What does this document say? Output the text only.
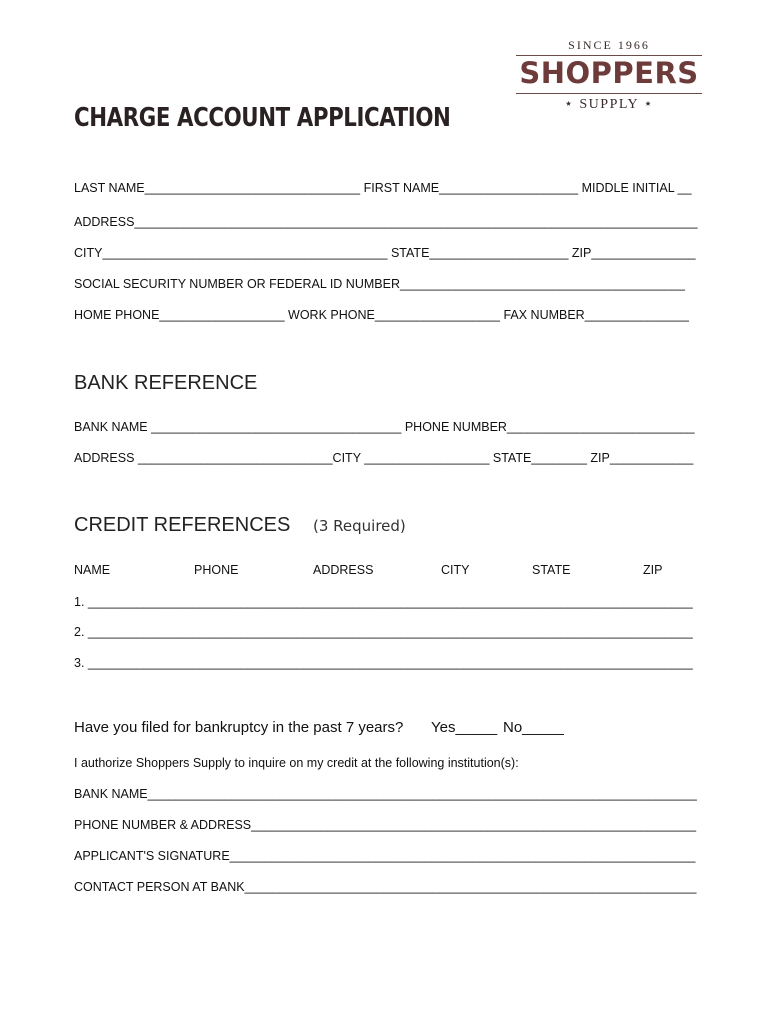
SINCE 1966
SHOPPERS
⋆ SUPPLY ⋆
CHARGE ACCOUNT APPLICATION
LAST NAME_______________________________ FIRST NAME____________________ MIDDLE INITIAL __
ADDRESS_________________________________________________________________________________
CITY_________________________________________ STATE____________________ ZIP_______________
SOCIAL SECURITY NUMBER OR FEDERAL ID NUMBER_________________________________________
HOME PHONE__________________ WORK PHONE__________________ FAX NUMBER_______________
BANK REFERENCE
BANK NAME ____________________________________ PHONE NUMBER___________________________
ADDRESS ____________________________CITY __________________ STATE________ ZIP____________
CREDIT REFERENCES (3 Required)
NAME	PHONE	ADDRESS	CITY	STATE	ZIP
1. _______________________________________________________________________________________
2. _______________________________________________________________________________________
3. _______________________________________________________________________________________
Have you filed for bankruptcy in the past 7 years? Yes_____ No_____
I authorize Shoppers Supply to inquire on my credit at the following institution(s):
BANK NAME_______________________________________________________________________________
PHONE NUMBER & ADDRESS________________________________________________________________
APPLICANT'S SIGNATURE___________________________________________________________________
CONTACT PERSON AT BANK_________________________________________________________________
